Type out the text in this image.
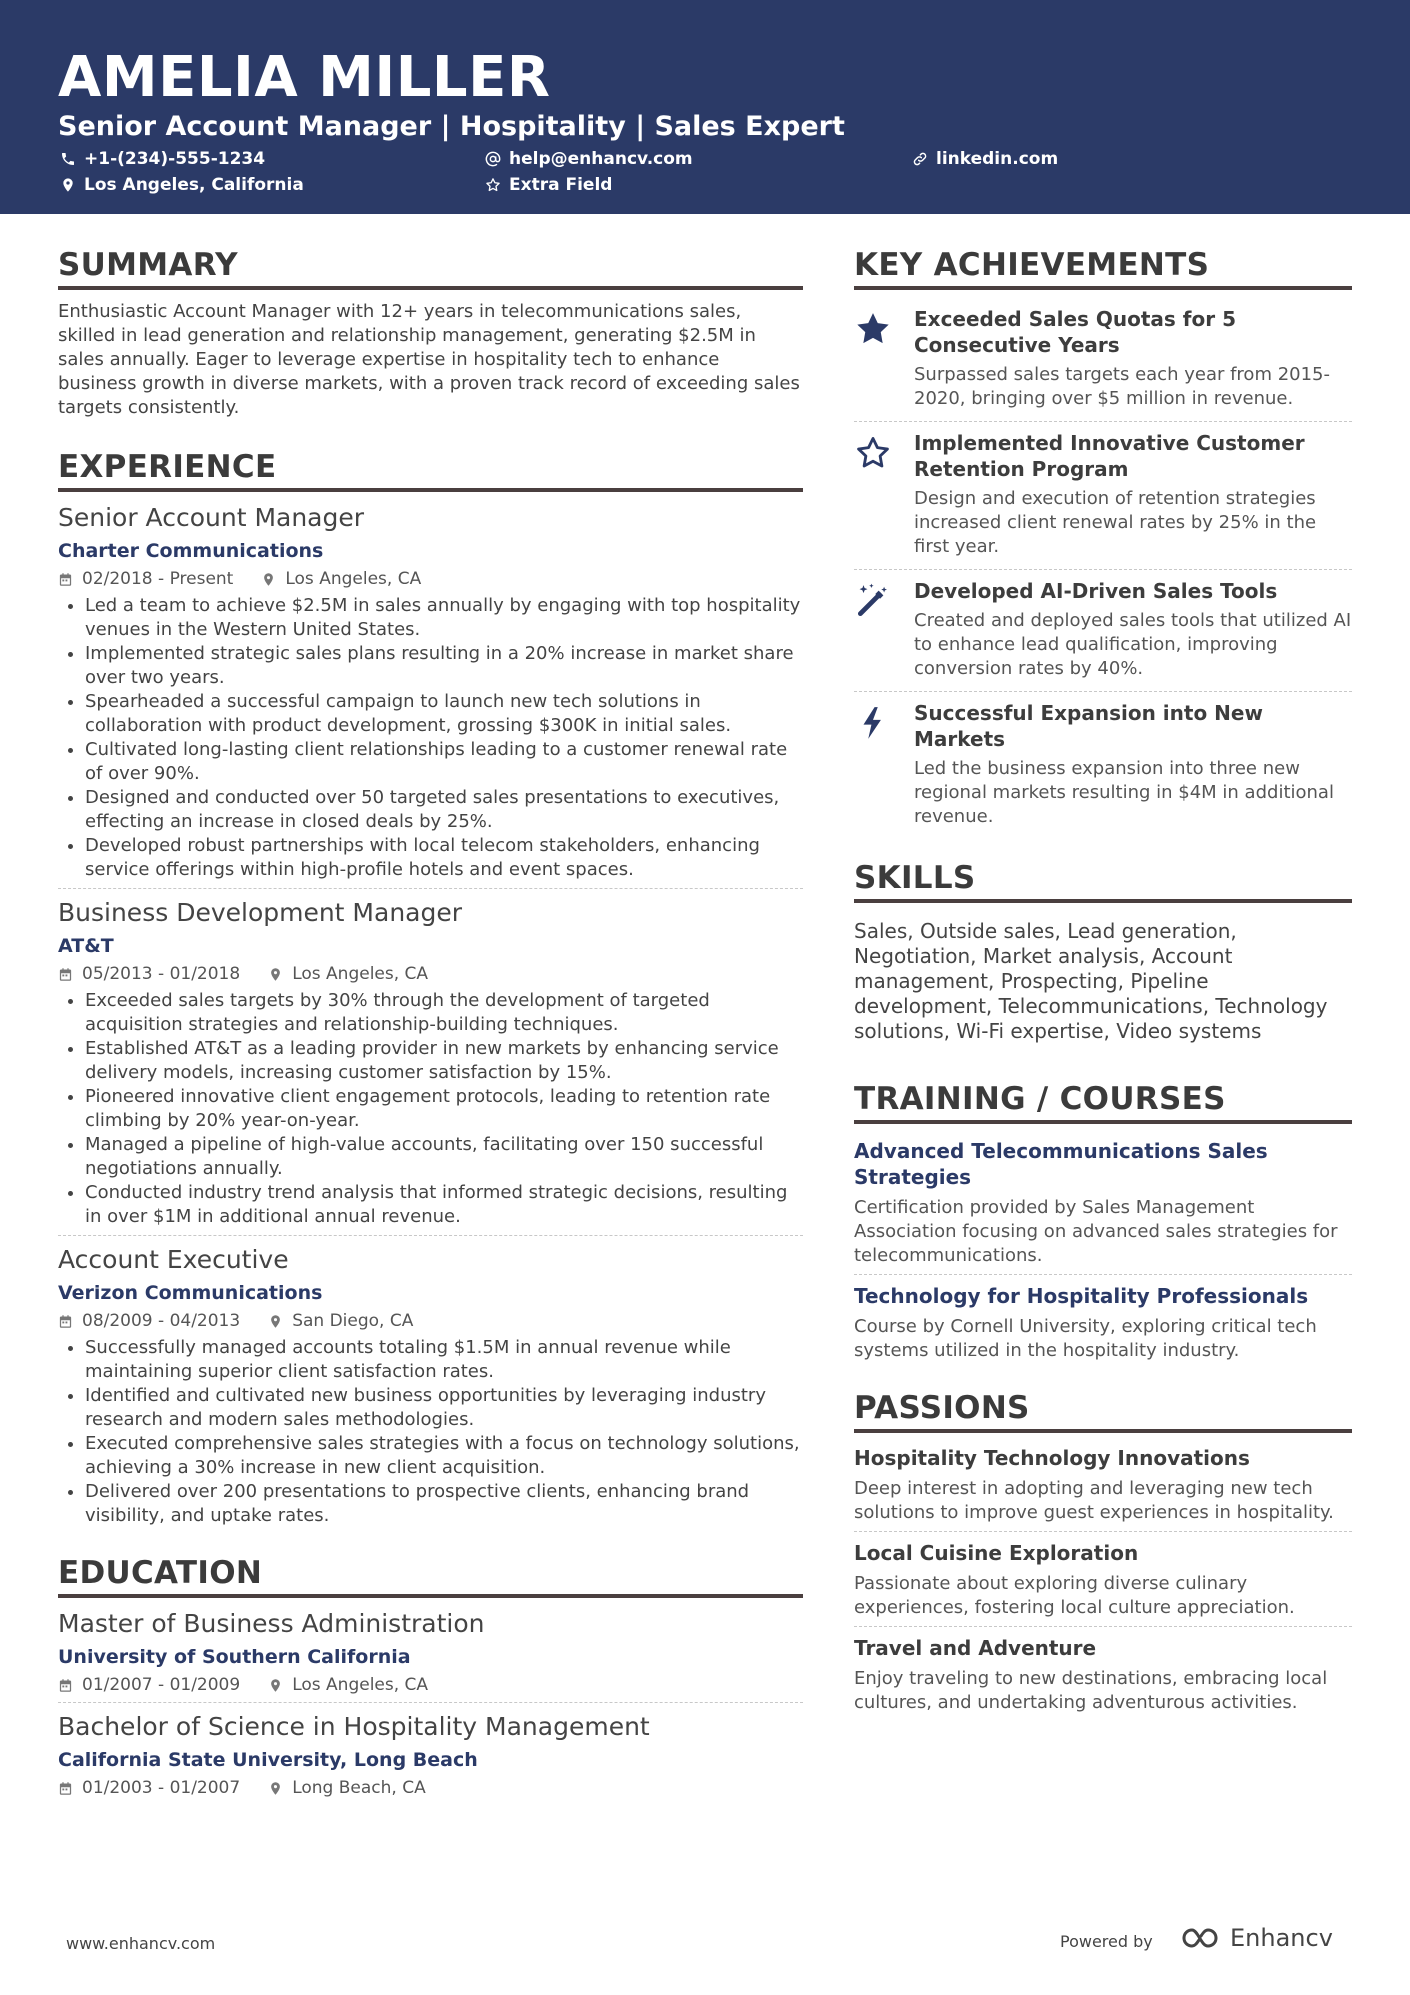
AMELIA MILLER
Senior Account Manager | Hospitality | Sales Expert
+1-(234)-555-1234	help@enhancv.com	linkedin.com
Los Angeles, California	Extra Field
SUMMARY

Enthusiastic Account Manager with 12+ years in telecommunications sales, skilled in lead generation and relationship management, generating $2.5M in sales annually. Eager to leverage expertise in hospitality tech to enhance business growth in diverse markets, with a proven track record of exceeding sales targets consistently.

EXPERIENCE
Senior Account Manager
Charter Communications
02/2018 - Present	Los Angeles, CA
• Led a team to achieve $2.5M in sales annually by engaging with top hospitality venues in the Western United States.
• Implemented strategic sales plans resulting in a 20% increase in market share over two years.
• Spearheaded a successful campaign to launch new tech solutions in collaboration with product development, grossing $300K in initial sales.
• Cultivated long-lasting client relationships leading to a customer renewal rate of over 90%.
• Designed and conducted over 50 targeted sales presentations to executives, effecting an increase in closed deals by 25%.
• Developed robust partnerships with local telecom stakeholders, enhancing service offerings within high-profile hotels and event spaces.
Business Development Manager
AT&T
05/2013 - 01/2018	Los Angeles, CA
• Exceeded sales targets by 30% through the development of targeted acquisition strategies and relationship-building techniques.
• Established AT&T as a leading provider in new markets by enhancing service delivery models, increasing customer satisfaction by 15%.
• Pioneered innovative client engagement protocols, leading to retention rate climbing by 20% year-on-year.
• Managed a pipeline of high-value accounts, facilitating over 150 successful negotiations annually.
• Conducted industry trend analysis that informed strategic decisions, resulting in over $1M in additional annual revenue.
Account Executive
Verizon Communications
08/2009 - 04/2013	San Diego, CA
• Successfully managed accounts totaling $1.5M in annual revenue while maintaining superior client satisfaction rates.
• Identified and cultivated new business opportunities by leveraging industry research and modern sales methodologies.
• Executed comprehensive sales strategies with a focus on technology solutions, achieving a 30% increase in new client acquisition.
• Delivered over 200 presentations to prospective clients, enhancing brand visibility, and uptake rates.
EDUCATION
Master of Business Administration
University of Southern California
01/2007 - 01/2009	Los Angeles, CA
Bachelor of Science in Hospitality Management
California State University, Long Beach
01/2003 - 01/2007	Long Beach, CA
KEY ACHIEVEMENTS
Exceeded Sales Quotas for 5 Consecutive Years
Surpassed sales targets each year from 2015-2020, bringing over $5 million in revenue.
Implemented Innovative Customer Retention Program
Design and execution of retention strategies increased client renewal rates by 25% in the first year.
Developed AI-Driven Sales Tools
Created and deployed sales tools that utilized AI to enhance lead qualification, improving conversion rates by 40%.
Successful Expansion into New Markets
Led the business expansion into three new regional markets resulting in $4M in additional revenue.
SKILLS
Sales, Outside sales, Lead generation, Negotiation, Market analysis, Account management, Prospecting, Pipeline development, Telecommunications, Technology solutions, Wi-Fi expertise, Video systems
TRAINING / COURSES
Advanced Telecommunications Sales Strategies
Certification provided by Sales Management Association focusing on advanced sales strategies for telecommunications.
Technology for Hospitality Professionals
Course by Cornell University, exploring critical tech systems utilized in the hospitality industry.
PASSIONS
Hospitality Technology Innovations
Deep interest in adopting and leveraging new tech solutions to improve guest experiences in hospitality.
Local Cuisine Exploration
Passionate about exploring diverse culinary experiences, fostering local culture appreciation.
Travel and Adventure
Enjoy traveling to new destinations, embracing local cultures, and undertaking adventurous activities.
www.enhancv.com	Powered by	Enhancv
